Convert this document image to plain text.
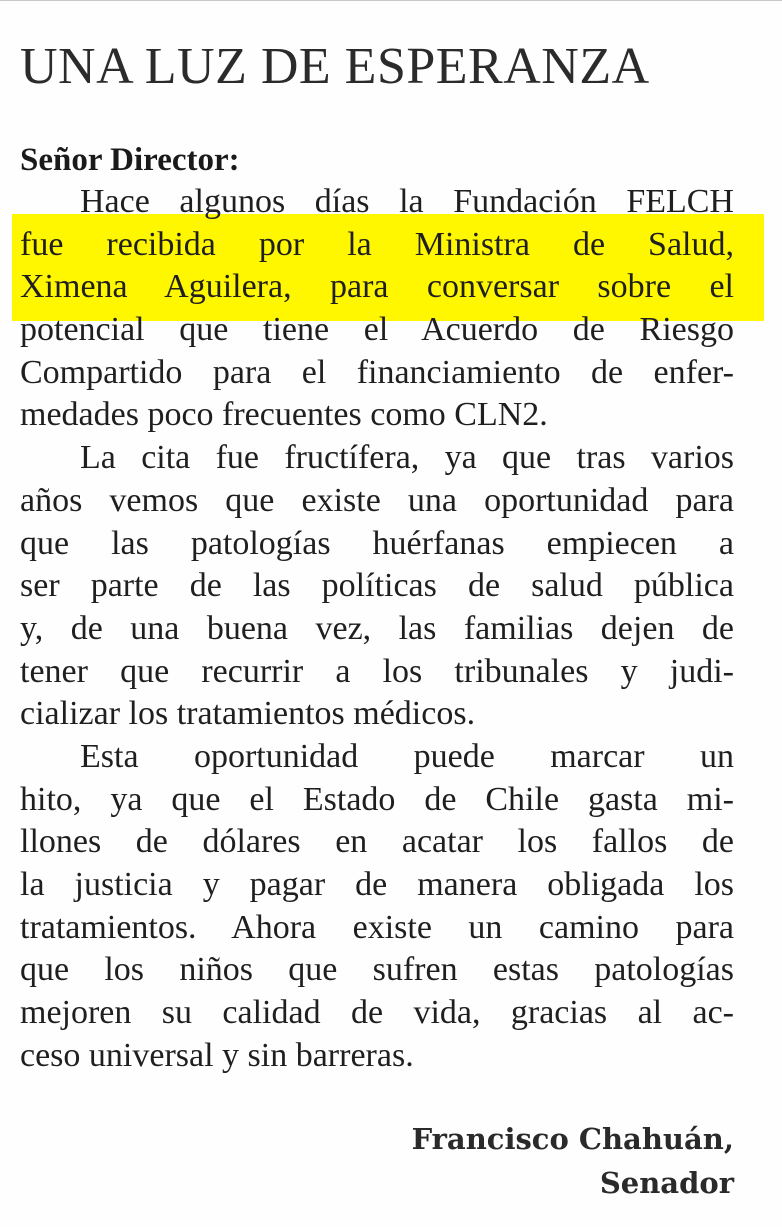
UNA LUZ DE ESPERANZA

Señor Director:

Hace algunos días la Fundación FELCH
fue recibida por la Ministra de Salud,
Ximena Aguilera, para conversar sobre el
potencial que tiene el Acuerdo de Riesgo
Compartido para el financiamiento de enfer-
medades poco frecuentes como CLN2.
La cita fue fructífera, ya que tras varios
años vemos que existe una oportunidad para
que las patologías huérfanas empiecen a
ser parte de las políticas de salud pública
y, de una buena vez, las familias dejen de
tener que recurrir a los tribunales y judi-
cializar los tratamientos médicos.
Esta oportunidad puede marcar un
hito, ya que el Estado de Chile gasta mi-
llones de dólares en acatar los fallos de
la justicia y pagar de manera obligada los
tratamientos. Ahora existe un camino para
que los niños que sufren estas patologías
mejoren su calidad de vida, gracias al ac-
ceso universal y sin barreras.
Francisco Chahuán,
Senador
